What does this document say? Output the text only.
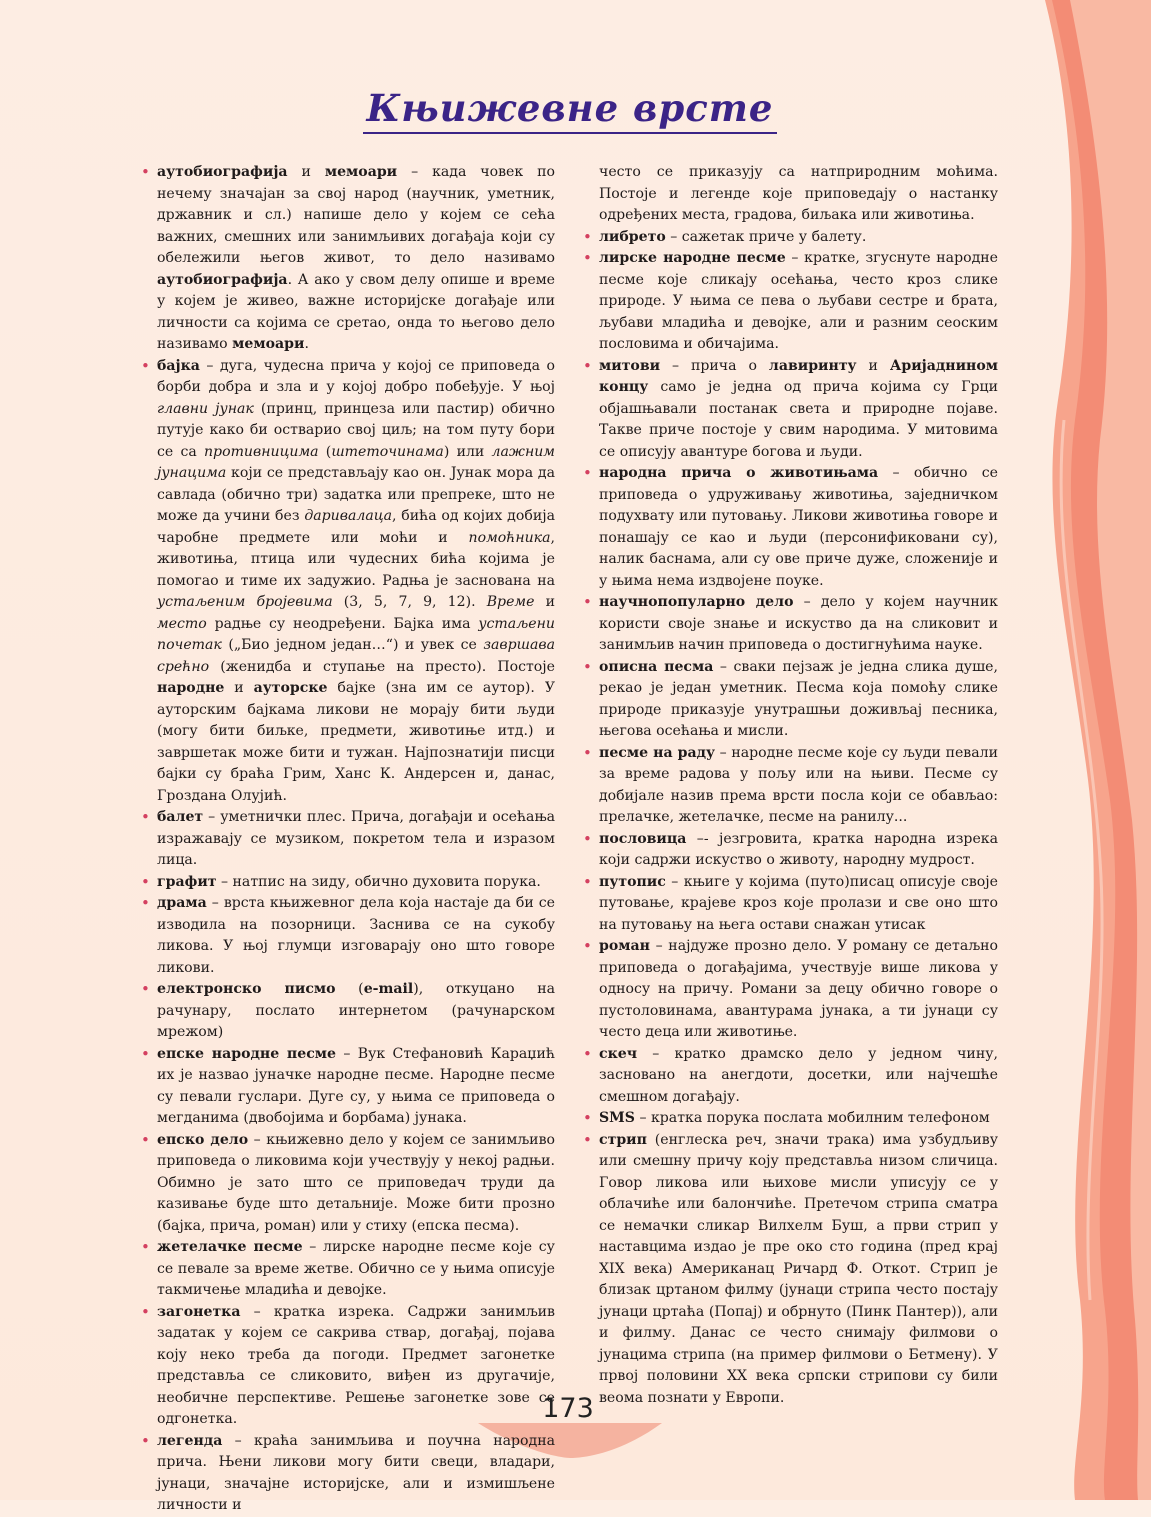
Књижевне врсте

• аутобиографија и мемоари – када човек по нечему значајан за свој народ (научник, уметник, државник и сл.) напише дело у којем се сећа важних, смешних или занимљивих догађаја који су обележили његов живот, то дело називамо аутобиографија. А ако у свом делу опише и време у којем је живео, важне историјске догађаје или личности са којима се сретао, онда то његово дело називамо мемоари.

• бајка – дуга, чудесна прича у којој се приповеда о борби добра и зла и у којој добро побеђује. У њој главни јунак (принц, принцеза или пастир) обично путује како би остварио свој циљ; на том путу бори се са противницима (штеточинама) или лажним јунацима који се представљају као он. Јунак мора да савлада (обично три) задатка или препреке, што не може да учини без даривалаца, бића од којих добија чаробне предмете или моћи и помоћника, животиња, птица или чудесних бића којима је помогао и тиме их задужио. Радња је заснована на устаљеним бројевима (3, 5, 7, 9, 12). Време и место радње су неодређени. Бајка има устаљени почетак („Био једном један…“) и увек се завршава срећно (женидба и ступање на престо). Постоје народне и ауторске бајке (зна им се аутор). У ауторским бајкама ликови не морају бити људи (могу бити биљке, предмети, животиње итд.) и завршетак може бити и тужан. Најпознатији писци бајки су браћа Грим, Ханс К. Андерсен и, данас, Гроздана Олујић.

• балет – уметнички плес. Прича, догађаји и осећања изражавају се музиком, покретом тела и изразом лица.

• графит – натпис на зиду, обично духовита порука.

• драма – врста књижевног дела која настаје да би се изводила на позорници. Заснива се на сукобу ликова. У њој глумци изговарају оно што говоре ликови.

• електронско писмо (e-mail), откуцано на рачунару, послато интернетом (рачунарском мрежом)

• епске народне песме – Вук Стефановић Караџић их је назвао јуначке народне песме. Народне песме су певали гуслари. Дуге су, у њима се приповеда о мегданима (двобојима и борбама) јунака.

• епско дело – књижевно дело у којем се занимљиво приповеда о ликовима који учествују у некој радњи. Обимно је зато што се приповедач труди да казивање буде што детаљније. Може бити прозно (бајка, прича, роман) или у стиху (епска песма).

• жетелачке песме – лирске народне песме које су се певале за време жетве. Обично се у њима описује такмичење младића и девојке.

• загонетка – кратка изрека. Садржи занимљив задатак у којем се сакрива ствар, догађај, појава коју неко треба да погоди. Предмет загонетке представља се сликовито, виђен из другачије, необичне перспективе. Решење загонетке зове се одгонетка.

• легенда – краћа занимљива и поучна народна прича. Њени ликови могу бити свеци, владари, јунаци, значајне историјске, али и измишљене личности и

често се приказују са натприродним моћима. Постоје и легенде које приповедају о настанку одређених места, градова, биљака или животиња.

• либрето – сажетак приче у балету.

• лирске народне песме – кратке, згуснуте народне песме које сликају осећања, често кроз слике природе. У њима се пева о љубави сестре и брата, љубави младића и девојке, али и разним сеоским пословима и обичајима.

• митови – прича о лавиринту и Аријаднином концу само је једна од прича којима су Грци објашњавали постанак света и природне појаве. Такве приче постоје у свим народима. У митовима се описују авантуре богова и људи.

• народна прича о животињама – обично се приповеда о удруживању животиња, заједничком подухвату или путовању. Ликови животиња говоре и понашају се као и људи (персонификовани су), налик баснама, али су ове приче дуже, сложеније и у њима нема издвојене поуке.

• научнопопуларно дело – дело у којем научник користи своје знање и искуство да на сликовит и занимљив начин приповеда о достигнућима науке.

• описна песма – сваки пејзаж је једна слика душе, рекао је један уметник. Песма која помоћу слике природе приказује унутрашњи доживљај песника, његова осећања и мисли.

• песме на раду – народне песме које су људи певали за време радова у пољу или на њиви. Песме су добијале назив према врсти посла који се обављао: прелачке, жетелачке, песме на ранилу...

• пословица –- језгровита, кратка народна изрека који садржи искуство о животу, народну мудрост.

• путопис – књиге у којима (путо)писац описује своје путовање, крајеве кроз које пролази и све оно што на путовању на њега остави снажан утисак

• роман – најдуже прозно дело. У роману се детаљно приповеда о догађајима, учествује више ликова у односу на причу. Романи за децу обично говоре о пустоловинама, авантурама јунака, а ти јунаци су често деца или животиње.

• скеч – кратко драмско дело у једном чину, засновано на анегдоти, досетки, или најчешће смешном догађају.

• SMS – кратка порука послата мобилним телефоном

• стрип (енглеска реч, значи трака) има узбудљиву или смешну причу коју представља низом сличица. Говор ликова или њихове мисли уписују се у облачиће или балончиће. Претечом стрипа сматра се немачки сликар Вилхелм Буш, а први стрип у наставцима издао је пре око сто година (пред крај XIX века) Американац Ричард Ф. Откот. Стрип је близак цртаном филму (јунаци стрипа често постају јунаци цртаћа (Попај) и обрнуто (Пинк Пантер)), али и филму. Данас се често снимају филмови о јунацима стрипа (на пример филмови о Бетмену). У првој половини XX века српски стрипови су били веома познати у Европи.

173
